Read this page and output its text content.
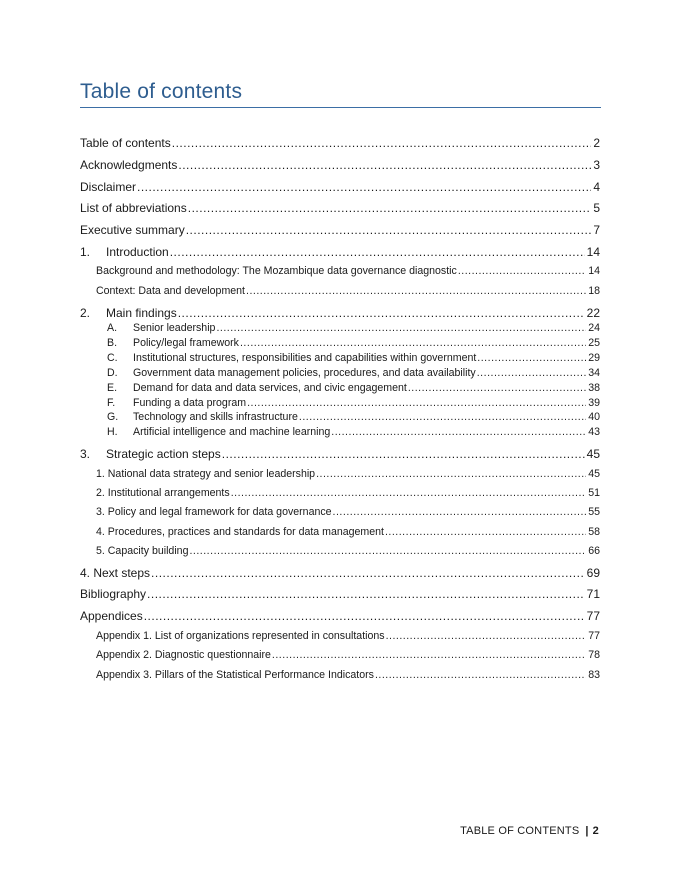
Table of contents
Table of contents .....	2
Acknowledgments .....	3
Disclaimer .....	4
List of abbreviations .....	5
Executive summary .....	7
1.	Introduction .....	14
Background and methodology: The Mozambique data governance diagnostic .....	14
Context: Data and development .....	18
2.	Main findings .....	22
A.	Senior leadership .....	24
B.	Policy/legal framework .....	25
C.	Institutional structures, responsibilities and capabilities within government .....	29
D.	Government data management policies, procedures, and data availability .....	34
E.	Demand for data and data services, and civic engagement .....	38
F.	Funding a data program .....	39
G.	Technology and skills infrastructure .....	40
H.	Artificial intelligence and machine learning .....	43
3.	Strategic action steps .....	45
1. National data strategy and senior leadership .....	45
2. Institutional arrangements .....	51
3. Policy and legal framework for data governance .....	55
4. Procedures, practices and standards for data management .....	58
5. Capacity building .....	66
4. Next steps .....	69
Bibliography .....	71
Appendices .....	77
Appendix 1. List of organizations represented in consultations .....	77
Appendix 2. Diagnostic questionnaire .....	78
Appendix 3. Pillars of the Statistical Performance Indicators .....	83
TABLE OF CONTENTS | 2
